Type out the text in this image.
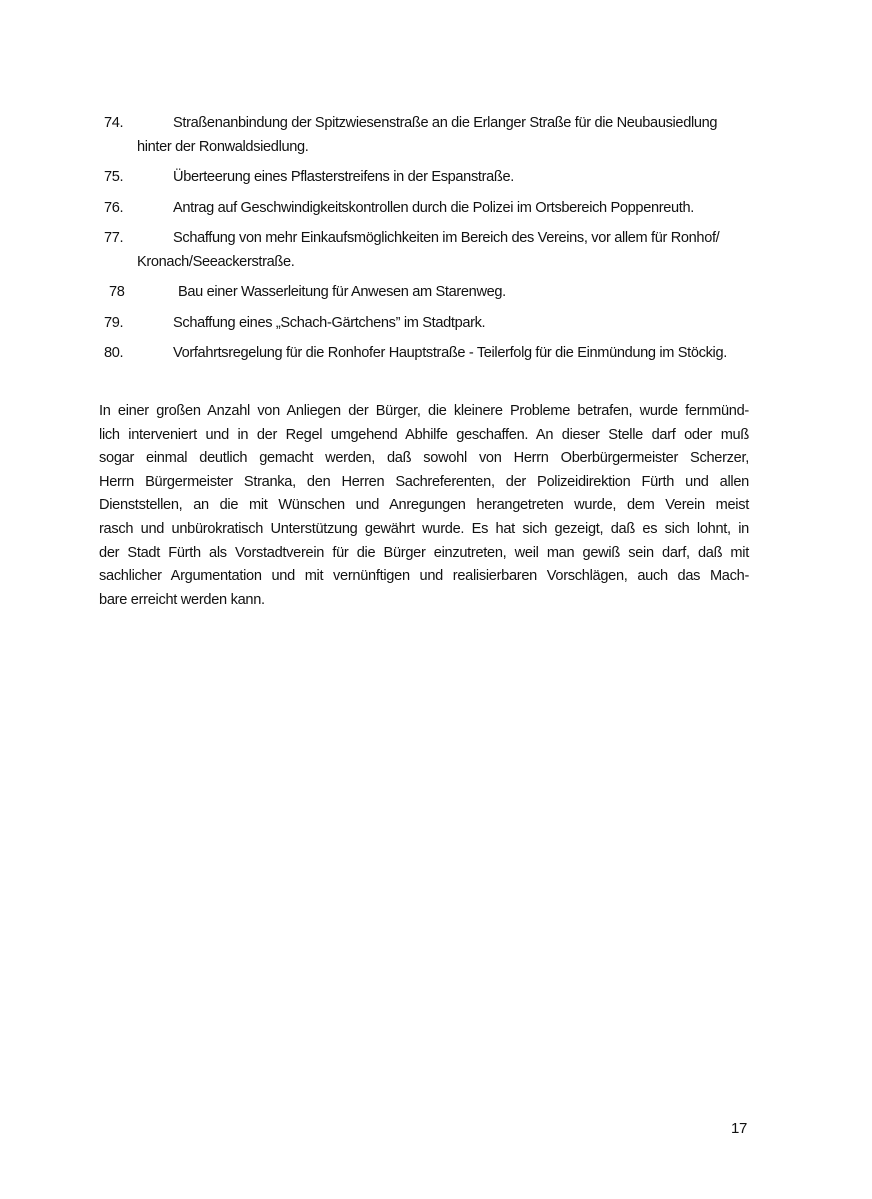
74.	Straßenanbindung der Spitzwiesenstraße an die Erlanger Straße für die Neubausiedlung
hinter der Ronwaldsiedlung.
75.	Überteerung eines Pflasterstreifens in der Espanstraße.
76.	Antrag auf Geschwindigkeitskontrollen durch die Polizei im Ortsbereich Poppenreuth.
77.	Schaffung von mehr Einkaufsmöglichkeiten im Bereich des Vereins, vor allem für Ronhof/
Kronach/Seeackerstraße.
78	Bau einer Wasserleitung für Anwesen am Starenweg.
79.	Schaffung eines „Schach-Gärtchens” im Stadtpark.
80.	Vorfahrtsregelung für die Ronhofer Hauptstraße - Teilerfolg für die Einmündung im Stöckig.

In einer großen Anzahl von Anliegen der Bürger, die kleinere Probleme betrafen, wurde fernmünd-
lich interveniert und in der Regel umgehend Abhilfe geschaffen. An dieser Stelle darf oder muß
sogar einmal deutlich gemacht werden, daß sowohl von Herrn Oberbürgermeister Scherzer,
Herrn Bürgermeister Stranka, den Herren Sachreferenten, der Polizeidirektion Fürth und allen
Dienststellen, an die mit Wünschen und Anregungen herangetreten wurde, dem Verein meist
rasch und unbürokratisch Unterstützung gewährt wurde. Es hat sich gezeigt, daß es sich lohnt, in
der Stadt Fürth als Vorstadtverein für die Bürger einzutreten, weil man gewiß sein darf, daß mit
sachlicher Argumentation und mit vernünftigen und realisierbaren Vorschlägen, auch das Mach-
bare erreicht werden kann.

17
